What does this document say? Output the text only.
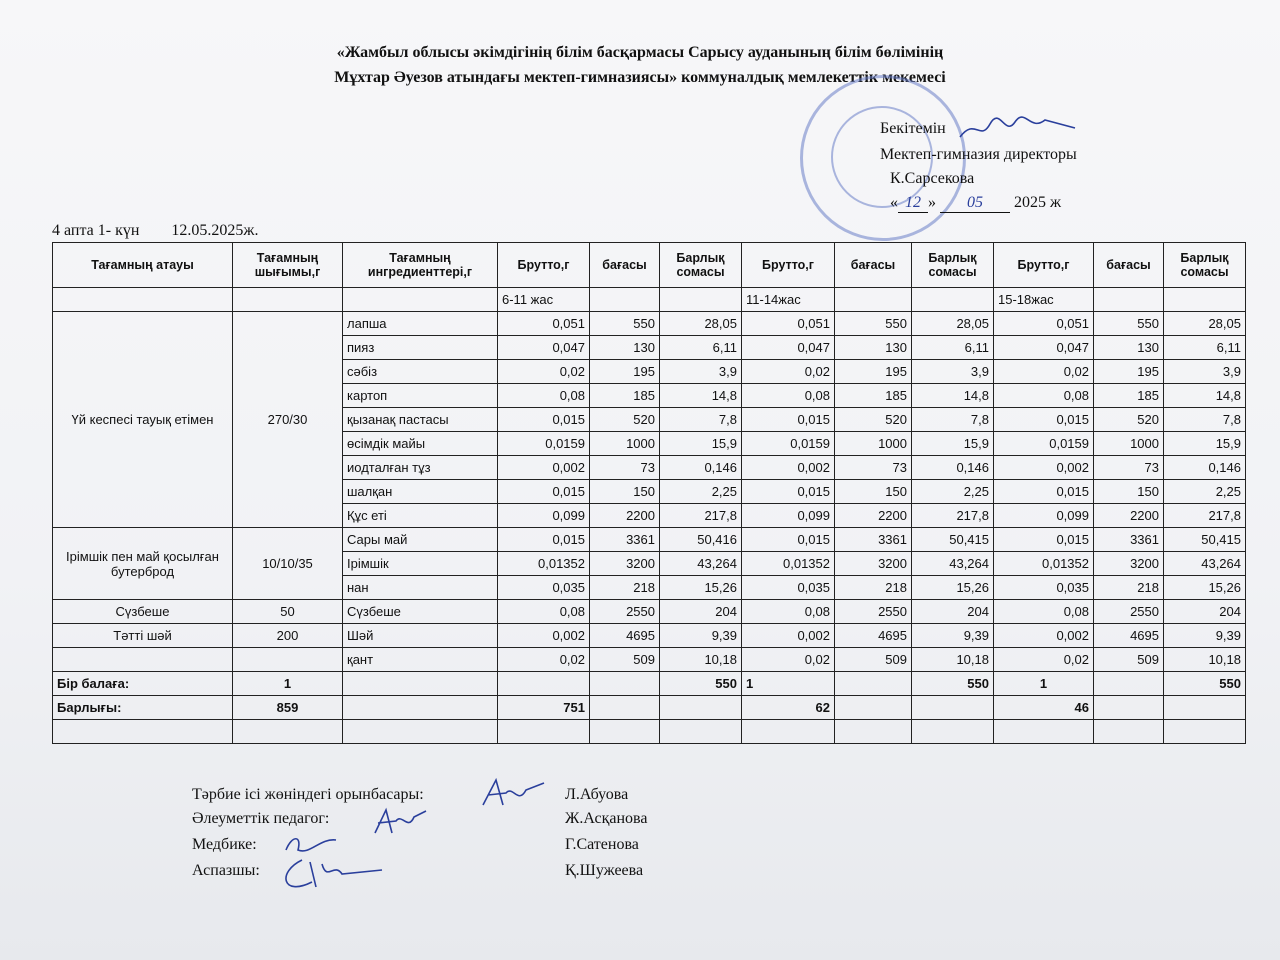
«Жамбыл облысы әкімдігінің білім басқармасы Сарысу ауданының білім бөлімінің
Мұхтар Әуезов атындағы мектеп-гимназиясы» коммуналдық мемлекеттік мекемесі
Бекітемін
Мектеп-гимназия директоры
К.Сарсекова
« 12 » 05 2025 ж
4 апта 1- күн 12.05.2025ж.
Тағамның атауы	Тағамның шығымы,г	Тағамның ингредиенттері,г	Брутто,г	бағасы	Барлық сомасы	Брутто,г	бағасы	Барлық сомасы	Брутто,г	бағасы	Барлық сомасы
			6-11 жас			11-14жас			15-18жас		
Үй кеспесі тауық етімен	270/30	лапша	0,051	550	28,05	0,051	550	28,05	0,051	550	28,05
		пияз	0,047	130	6,11	0,047	130	6,11	0,047	130	6,11
		сәбіз	0,02	195	3,9	0,02	195	3,9	0,02	195	3,9
		картоп	0,08	185	14,8	0,08	185	14,8	0,08	185	14,8
		қызанақ пастасы	0,015	520	7,8	0,015	520	7,8	0,015	520	7,8
		өсімдік майы	0,0159	1000	15,9	0,0159	1000	15,9	0,0159	1000	15,9
		иодталған тұз	0,002	73	0,146	0,002	73	0,146	0,002	73	0,146
		шалқан	0,015	150	2,25	0,015	150	2,25	0,015	150	2,25
		Құс еті	0,099	2200	217,8	0,099	2200	217,8	0,099	2200	217,8
Ірімшік пен май қосылған бутерброд	10/10/35	Сары май	0,015	3361	50,416	0,015	3361	50,415	0,015	3361	50,415
		Ірімшік	0,01352	3200	43,264	0,01352	3200	43,264	0,01352	3200	43,264
		нан	0,035	218	15,26	0,035	218	15,26	0,035	218	15,26
Сүзбеше	50	Сүзбеше	0,08	2550	204	0,08	2550	204	0,08	2550	204
Тәтті шәй	200	Шәй	0,002	4695	9,39	0,002	4695	9,39	0,002	4695	9,39
		қант	0,02	509	10,18	0,02	509	10,18	0,02	509	10,18
Бір балаға:	1				550	1		550	1		550
Барлығы:	859		751			62			46		

Тәрбие ісі жөніндегі орынбасары:	Л.Абуова
Әлеуметтік педагог:	Ж.Асқанова
Медбике:	Г.Сатенова
Аспазшы:	Қ.Шужеева
